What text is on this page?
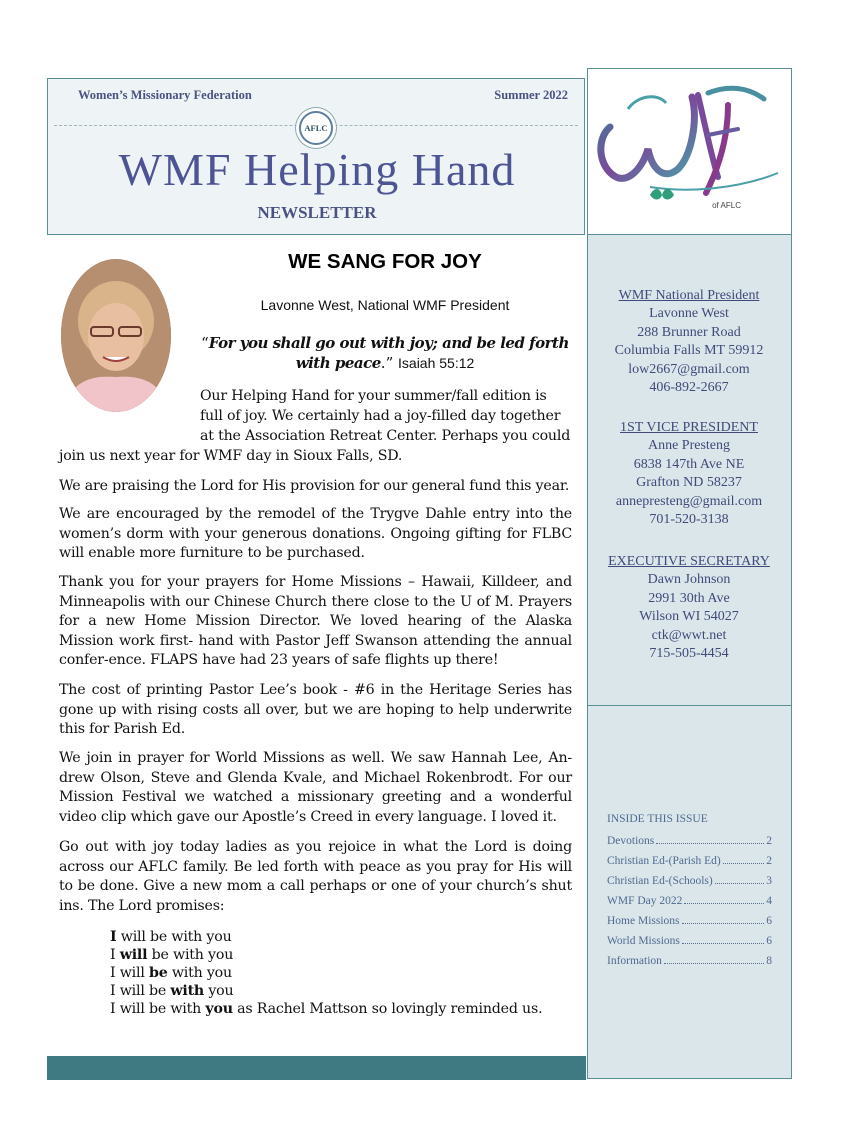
Women’s Missionary Federation	Summer 2022
AFLC
WMF Helping Hand
NEWSLETTER	of AFLC
WMF National President
Lavonne West
288 Brunner Road
Columbia Falls MT 59912
low2667@gmail.com
406-892-2667
1ST VICE PRESIDENT
Anne Presteng
6838 147th Ave NE
Grafton ND 58237
annepresteng@gmail.com
701-520-3138
EXECUTIVE SECRETARY
Dawn Johnson
2991 30th Ave
Wilson WI 54027
ctk@wwt.net
715-505-4454
INSIDE THIS ISSUE
Devotions	2
Christian Ed-(Parish Ed)	2
Christian Ed-(Schools)	3
WMF Day 2022	4
Home Missions	6
World Missions	6
Information	8
WE SANG FOR JOY
Lavonne West, National WMF President
“For you shall go out with joy; and be led forth with peace.” Isaiah 55:12
Our Helping Hand for your summer/fall edition is
full of joy. We certainly had a joy-filled day together
at the Association Retreat Center. Perhaps you could
join us next year for WMF day in Sioux Falls, SD.
We are praising the Lord for His provision for our general fund this year.
We are encouraged by the remodel of the Trygve Dahle entry into the women’s dorm with your generous donations. Ongoing gifting for FLBC will enable more furniture to be purchased.
Thank you for your prayers for Home Missions – Hawaii, Killdeer, and Minneapolis with our Chinese Church there close to the U of M. Prayers for a new Home Mission Director. We loved hearing of the Alaska Mission work first- hand with Pastor Jeff Swanson attending the annual confer-ence. FLAPS have had 23 years of safe flights up there!
The cost of printing Pastor Lee’s book - #6 in the Heritage Series has gone up with rising costs all over, but we are hoping to help underwrite this for Parish Ed.
We join in prayer for World Missions as well. We saw Hannah Lee, An-drew Olson, Steve and Glenda Kvale, and Michael Rokenbrodt. For our Mission Festival we watched a missionary greeting and a wonderful video clip which gave our Apostle’s Creed in every language. I loved it.
Go out with joy today ladies as you rejoice in what the Lord is doing across our AFLC family. Be led forth with peace as you pray for His will to be done. Give a new mom a call perhaps or one of your church’s shut ins. The Lord promises:
I will be with you
I will be with you
I will be with you
I will be with you
I will be with you as Rachel Mattson so lovingly reminded us.
